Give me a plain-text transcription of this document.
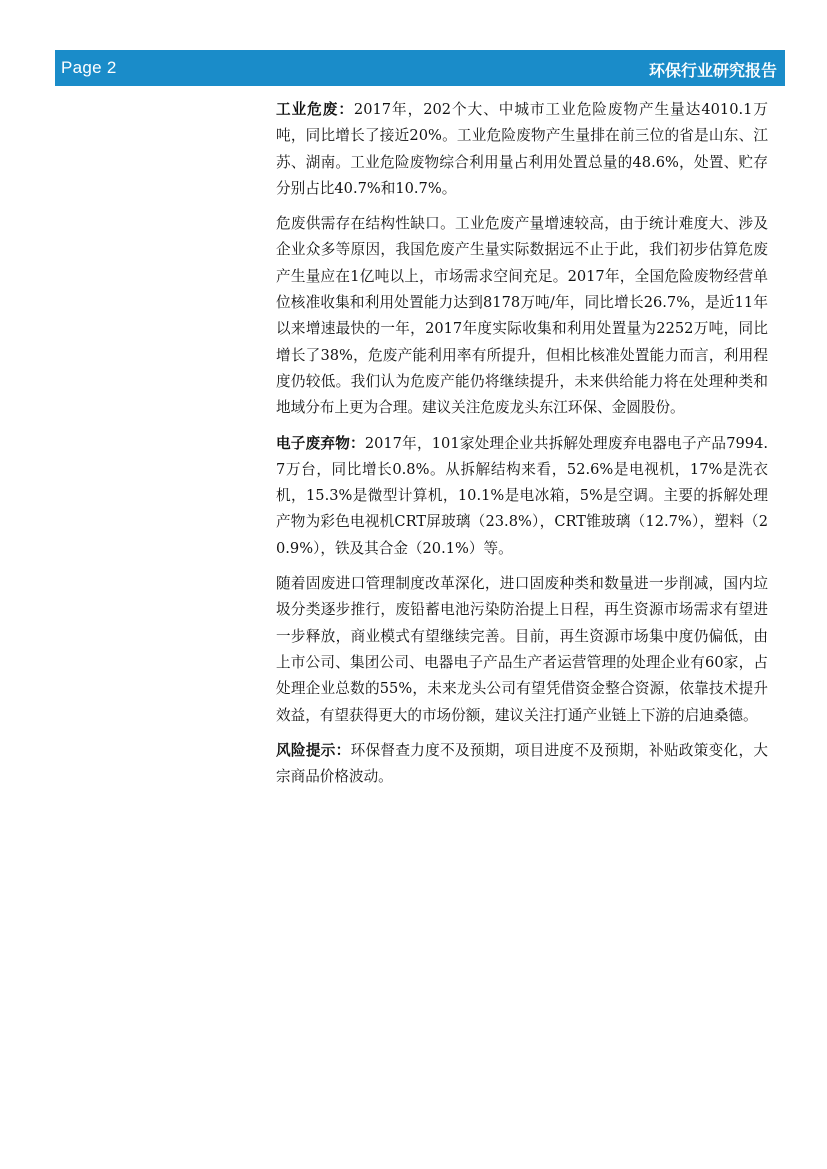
Page 2	环保行业研究报告

工业危废：2017年，202个大、中城市工业危险废物产生量达4010.1万吨，同比增长了接近20%。工业危险废物产生量排在前三位的省是山东、江苏、湖南。工业危险废物综合利用量占利用处置总量的48.6%，处置、贮存分别占比40.7%和10.7%。

危废供需存在结构性缺口。工业危废产量增速较高，由于统计难度大、涉及企业众多等原因，我国危废产生量实际数据远不止于此，我们初步估算危废产生量应在1亿吨以上，市场需求空间充足。2017年，全国危险废物经营单位核准收集和利用处置能力达到8178万吨/年，同比增长26.7%，是近11年以来增速最快的一年，2017年度实际收集和利用处置量为2252万吨，同比增长了38%，危废产能利用率有所提升，但相比核准处置能力而言，利用程度仍较低。我们认为危废产能仍将继续提升，未来供给能力将在处理种类和地域分布上更为合理。建议关注危废龙头东江环保、金圆股份。

电子废弃物：2017年，101家处理企业共拆解处理废弃电器电子产品7994.7万台，同比增长0.8%。从拆解结构来看，52.6%是电视机，17%是洗衣机，15.3%是微型计算机，10.1%是电冰箱，5%是空调。主要的拆解处理产物为彩色电视机CRT屏玻璃（23.8%），CRT锥玻璃（12.7%），塑料（20.9%），铁及其合金（20.1%）等。

随着固废进口管理制度改革深化，进口固废种类和数量进一步削减，国内垃圾分类逐步推行，废铅蓄电池污染防治提上日程，再生资源市场需求有望进一步释放，商业模式有望继续完善。目前，再生资源市场集中度仍偏低，由上市公司、集团公司、电器电子产品生产者运营管理的处理企业有60家，占处理企业总数的55%，未来龙头公司有望凭借资金整合资源，依靠技术提升效益，有望获得更大的市场份额，建议关注打通产业链上下游的启迪桑德。

风险提示：环保督查力度不及预期，项目进度不及预期，补贴政策变化，大宗商品价格波动。
